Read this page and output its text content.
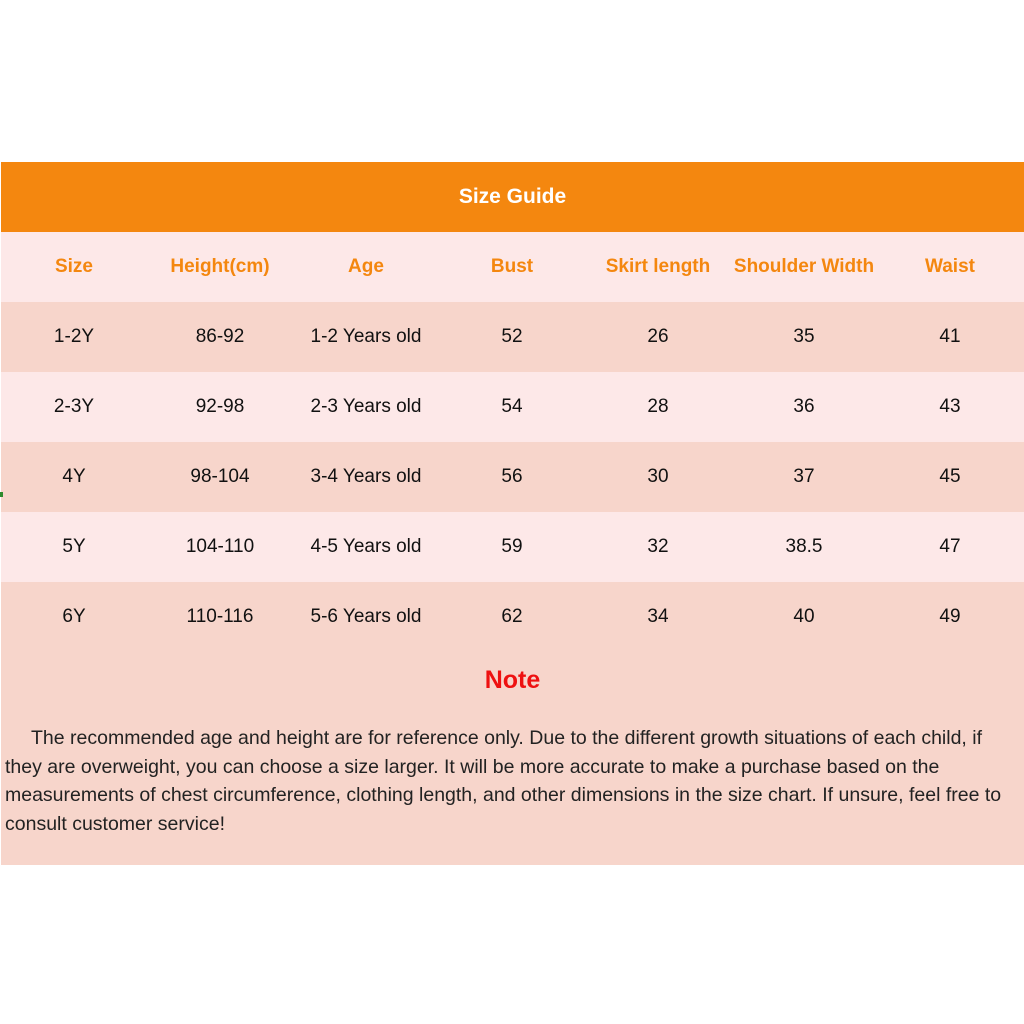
Size Guide
Size	Height(cm)	Age	Bust	Skirt length	Shoulder Width	Waist
1-2Y	86-92	1-2 Years old	52	26	35	41
2-3Y	92-98	2-3 Years old	54	28	36	43
4Y	98-104	3-4 Years old	56	30	37	45
5Y	104-110	4-5 Years old	59	32	38.5	47
6Y	110-116	5-6 Years old	62	34	40	49
Note
The recommended age and height are for reference only. Due to the different growth situations of each child, if they are overweight, you can choose a size larger. It will be more accurate to make a purchase based on the measurements of chest circumference, clothing length, and other dimensions in the size chart. If unsure, feel free to consult customer service!
